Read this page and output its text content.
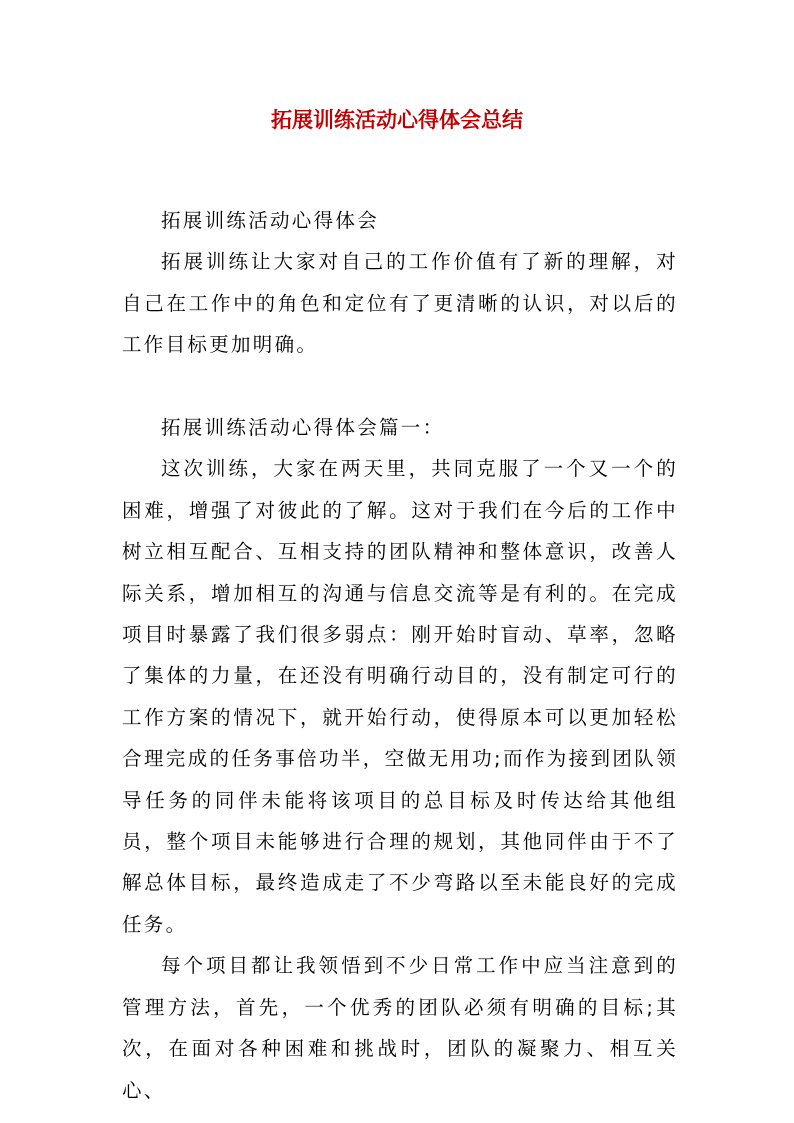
拓展训练活动心得体会总结

拓展训练活动心得体会

拓展训练让大家对自己的工作价值有了新的理解，对自己在工作中的角色和定位有了更清晰的认识，对以后的工作目标更加明确。

拓展训练活动心得体会篇一：

这次训练，大家在两天里，共同克服了一个又一个的困难，增强了对彼此的了解。这对于我们在今后的工作中树立相互配合、互相支持的团队精神和整体意识，改善人际关系，增加相互的沟通与信息交流等是有利的。在完成项目时暴露了我们很多弱点：刚开始时盲动、草率，忽略了集体的力量，在还没有明确行动目的，没有制定可行的工作方案的情况下，就开始行动，使得原本可以更加轻松合理完成的任务事倍功半，空做无用功;而作为接到团队领导任务的同伴未能将该项目的总目标及时传达给其他组员，整个项目未能够进行合理的规划，其他同伴由于不了解总体目标，最终造成走了不少弯路以至未能良好的完成任务。

每个项目都让我领悟到不少日常工作中应当注意到的管理方法，首先，一个优秀的团队必须有明确的目标;其次，在面对各种困难和挑战时，团队的凝聚力、相互关心、
